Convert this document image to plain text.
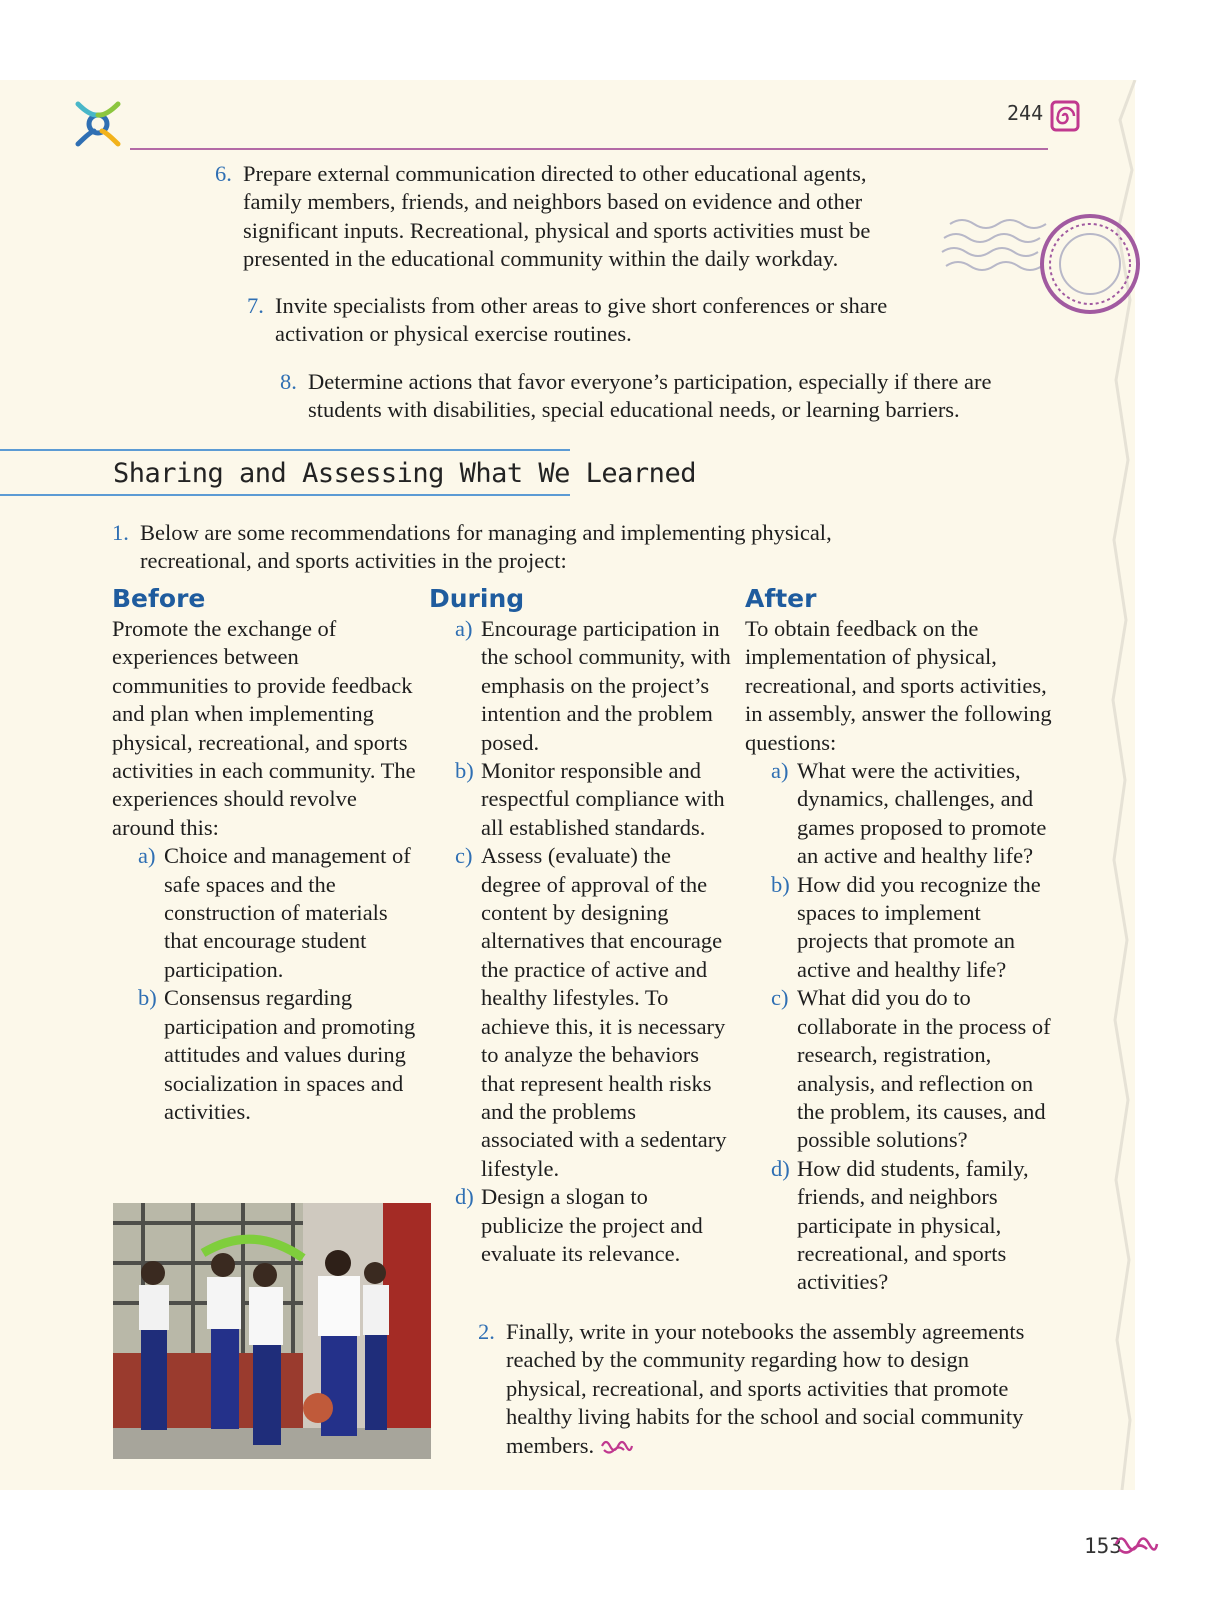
244
6. Prepare external communication directed to other educational agents, family members, friends, and neighbors based on evidence and other significant inputs. Recreational, physical and sports activities must be presented in the educational community within the daily workday.
7. Invite specialists from other areas to give short conferences or share activation or physical exercise routines.
8. Determine actions that favor everyone’s participation, especially if there are students with disabilities, special educational needs, or learning barriers.
Sharing and Assessing What We Learned
1. Below are some recommendations for managing and implementing physical, recreational, and sports activities in the project:
Before
Promote the exchange of experiences between communities to provide feedback and plan when implementing physical, recreational, and sports activities in each community. The experiences should revolve around this:
a) Choice and management of safe spaces and the construction of materials that encourage student participation.
b) Consensus regarding participation and promoting attitudes and values during socialization in spaces and activities.
During
a) Encourage participation in the school community, with emphasis on the project’s intention and the problem posed.
b) Monitor responsible and respectful compliance with all established standards.
c) Assess (evaluate) the degree of approval of the content by designing alternatives that encourage the practice of active and healthy lifestyles. To achieve this, it is necessary to analyze the behaviors that represent health risks and the problems associated with a sedentary lifestyle.
d) Design a slogan to publicize the project and evaluate its relevance.
After
To obtain feedback on the implementation of physical, recreational, and sports activities, in assembly, answer the following questions:
a) What were the activities, dynamics, challenges, and games proposed to promote an active and healthy life?
b) How did you recognize the spaces to implement projects that promote an active and healthy life?
c) What did you do to collaborate in the process of research, registration, analysis, and reflection on the problem, its causes, and possible solutions?
d) How did students, family, friends, and neighbors participate in physical, recreational, and sports activities?
2. Finally, write in your notebooks the assembly agreements reached by the community regarding how to design physical, recreational, and sports activities that promote healthy living habits for the school and social community members.
153
